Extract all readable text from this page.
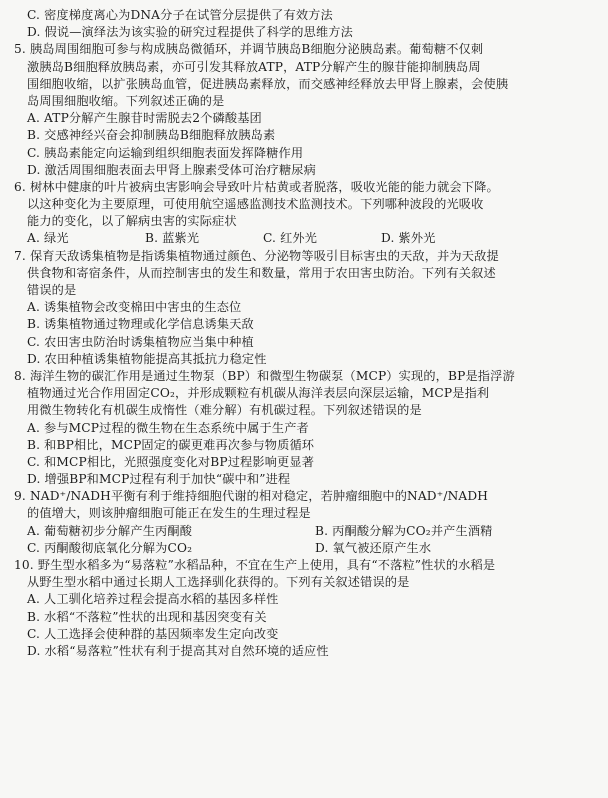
C. 密度梯度离心为DNA分子在试管分层提供了有效方法
D. 假说—演绎法为该实验的研究过程提供了科学的思维方法
5. 胰岛周围细胞可参与构成胰岛微循环，并调节胰岛B细胞分泌胰岛素。葡萄糖不仅刺
激胰岛B细胞释放胰岛素，亦可引发其释放ATP，ATP分解产生的腺苷能抑制胰岛周
围细胞收缩，以扩张胰岛血管，促进胰岛素释放，而交感神经释放去甲肾上腺素，会使胰
岛周围细胞收缩。下列叙述正确的是
A. ATP分解产生腺苷时需脱去2个磷酸基团
B. 交感神经兴奋会抑制胰岛B细胞释放胰岛素
C. 胰岛素能定向运输到组织细胞表面发挥降糖作用
D. 激活周围细胞表面去甲肾上腺素受体可治疗糖尿病
6. 树林中健康的叶片被病虫害影响会导致叶片枯黄或者脱落，吸收光能的能力就会下降。
以这种变化为主要原理，可使用航空遥感监测技术监测技术。下列哪种波段的光吸收
能力的变化，以了解病虫害的实际症状
A. 绿光	B. 蓝紫光	C. 红外光	D. 紫外光
7. 保育天敌诱集植物是指诱集植物通过颜色、分泌物等吸引目标害虫的天敌，并为天敌提
供食物和寄宿条件，从而控制害虫的发生和数量，常用于农田害虫防治。下列有关叙述
错误的是
A. 诱集植物会改变棉田中害虫的生态位
B. 诱集植物通过物理或化学信息诱集天敌
C. 农田害虫防治时诱集植物应当集中种植
D. 农田种植诱集植物能提高其抵抗力稳定性
8. 海洋生物的碳汇作用是通过生物泵（BP）和微型生物碳泵（MCP）实现的，BP是指浮游
植物通过光合作用固定CO₂，并形成颗粒有机碳从海洋表层向深层运输，MCP是指利
用微生物转化有机碳生成惰性（难分解）有机碳过程。下列叙述错误的是
A. 参与MCP过程的微生物在生态系统中属于生产者
B. 和BP相比，MCP固定的碳更难再次参与物质循环
C. 和MCP相比，光照强度变化对BP过程影响更显著
D. 增强BP和MCP过程有利于加快“碳中和”进程
9. NAD⁺/NADH平衡有利于维持细胞代谢的相对稳定，若肿瘤细胞中的NAD⁺/NADH
的值增大，则该肿瘤细胞可能正在发生的生理过程是
A. 葡萄糖初步分解产生丙酮酸	B. 丙酮酸分解为CO₂并产生酒精
C. 丙酮酸彻底氧化分解为CO₂	D. 氧气被还原产生水
10. 野生型水稻多为“易落粒”水稻品种，不宜在生产上使用，具有“不落粒”性状的水稻是
从野生型水稻中通过长期人工选择驯化获得的。下列有关叙述错误的是
A. 人工驯化培养过程会提高水稻的基因多样性
B. 水稻“不落粒”性状的出现和基因突变有关
C. 人工选择会使种群的基因频率发生定向改变
D. 水稻“易落粒”性状有利于提高其对自然环境的适应性
